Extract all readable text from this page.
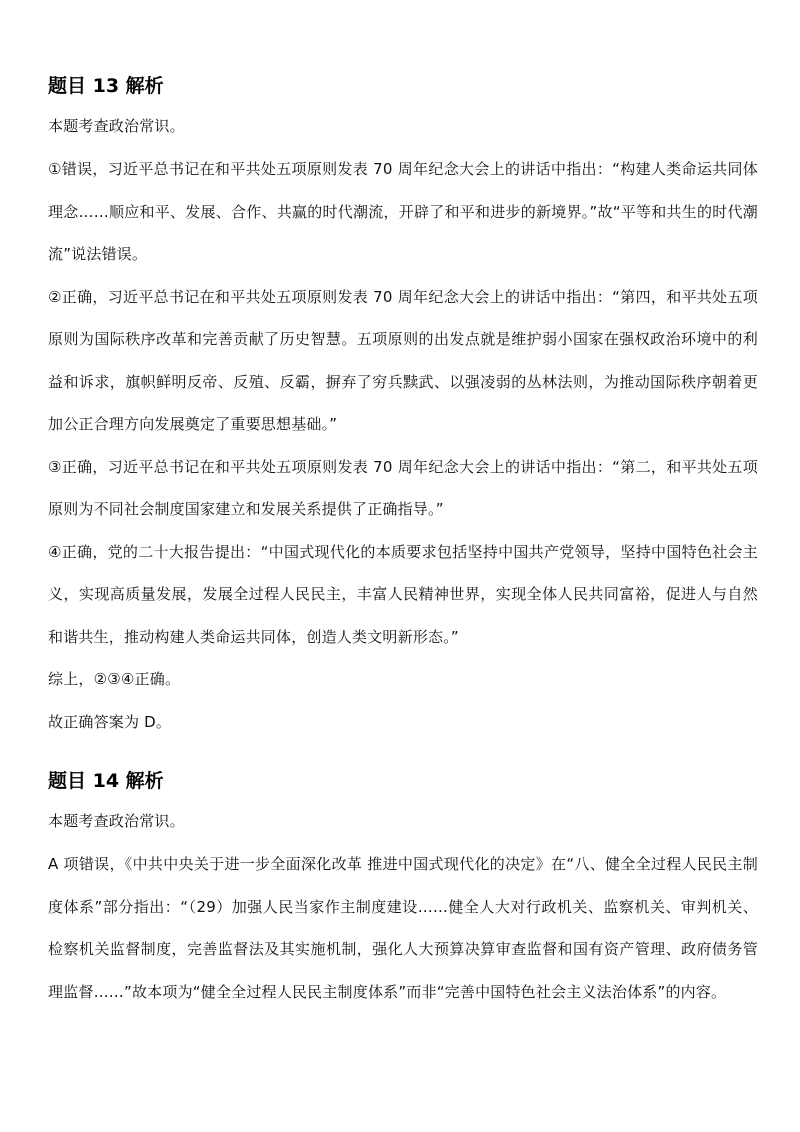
题目 13 解析

本题考查政治常识。

①错误，习近平总书记在和平共处五项原则发表 70 周年纪念大会上的讲话中指出：“构建人类命运共同体理念……顺应和平、发展、合作、共赢的时代潮流，开辟了和平和进步的新境界。”故“平等和共生的时代潮流”说法错误。

②正确，习近平总书记在和平共处五项原则发表 70 周年纪念大会上的讲话中指出：“第四，和平共处五项原则为国际秩序改革和完善贡献了历史智慧。五项原则的出发点就是维护弱小国家在强权政治环境中的利益和诉求，旗帜鲜明反帝、反殖、反霸，摒弃了穷兵黩武、以强凌弱的丛林法则，为推动国际秩序朝着更加公正合理方向发展奠定了重要思想基础。”

③正确，习近平总书记在和平共处五项原则发表 70 周年纪念大会上的讲话中指出：“第二，和平共处五项原则为不同社会制度国家建立和发展关系提供了正确指导。”

④正确，党的二十大报告提出：“中国式现代化的本质要求包括坚持中国共产党领导，坚持中国特色社会主义，实现高质量发展，发展全过程人民民主，丰富人民精神世界，实现全体人民共同富裕，促进人与自然和谐共生，推动构建人类命运共同体，创造人类文明新形态。”

综上，②③④正确。

故正确答案为 D。

题目 14 解析

本题考查政治常识。

A 项错误，《中共中央关于进一步全面深化改革 推进中国式现代化的决定》在“八、健全全过程人民民主制度体系”部分指出：“（29）加强人民当家作主制度建设……健全人大对行政机关、监察机关、审判机关、检察机关监督制度，完善监督法及其实施机制，强化人大预算决算审查监督和国有资产管理、政府债务管理监督……”故本项为“健全全过程人民民主制度体系”而非“完善中国特色社会主义法治体系”的内容。
